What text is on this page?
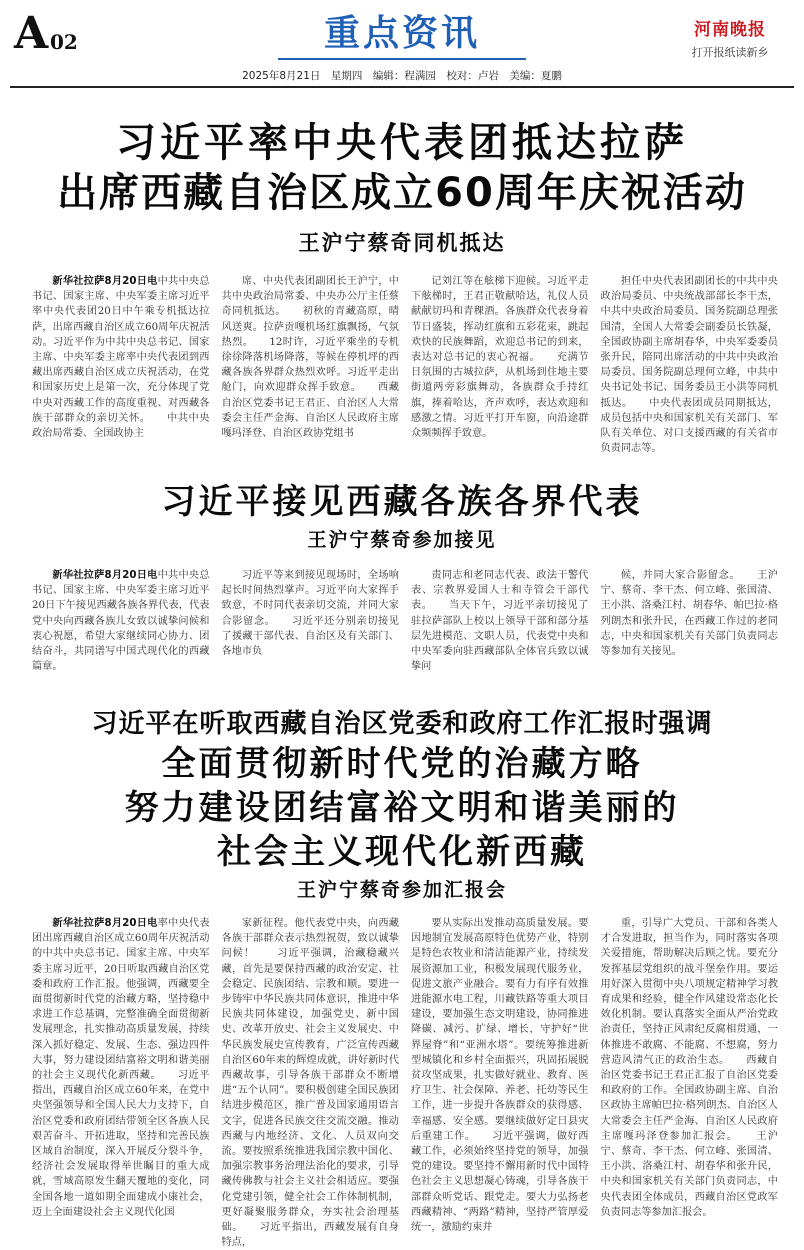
A 02	重点资讯	河南晚报
打开报纸读新乡
2025年8月21日　星期四　编辑：程满园　校对：卢岩　美编：夏鹏
习近平率中央代表团抵达拉萨
出席西藏自治区成立60周年庆祝活动
王沪宁蔡奇同机抵达

新华社拉萨8月20日电中共中央总书记、国家主席、中央军委主席习近平率中央代表团20日中午乘专机抵达拉萨，出席西藏自治区成立60周年庆祝活动。习近平作为中共中央总书记、国家主席、中央军委主席率中央代表团到西藏出席西藏自治区成立庆祝活动，在党和国家历史上是第一次，充分体现了党中央对西藏工作的高度重视、对西藏各族干部群众的亲切关怀。　　中共中央政治局常委、全国政协主

席、中央代表团副团长王沪宁，中共中央政治局常委、中央办公厅主任蔡奇同机抵达。　　初秋的青藏高原，晴风送爽。拉萨贡嘎机场红旗飘扬，气氛热烈。　　12时许，习近平乘坐的专机徐徐降落机场降落，等候在停机坪的西藏各族各界群众热烈欢呼。习近平走出舱门，向欢迎群众挥手致意。　　西藏自治区党委书记王君正、自治区人大常委会主任严金海、自治区人民政府主席嘎玛泽登、自治区政协党组书

记刘江等在舷梯下迎候。习近平走下舷梯时，王君正敬献哈达，礼仪人员献献切玛和青稞酒。各族群众代表身着节日盛装，挥动红旗和五彩花束，跳起欢快的民族舞蹈，欢迎总书记的到来，表达对总书记的衷心祝福。　　充满节日氛围的古城拉萨，从机场到住地主要街道两旁彩旗舞动，各族群众手持红旗，捧着哈达，齐声欢呼，表达欢迎和感激之情。习近平打开车窗，向沿途群众频频挥手致意。

担任中央代表团副团长的中共中央政治局委员、中央统战部部长李干杰，中共中央政治局委员、国务院副总理张国清，全国人大常委会副委员长铁凝，全国政协副主席胡春华，中央军委委员张升民，陪同出席活动的中共中央政治局委员、国务院副总理何立峰，中共中央书记处书记、国务委员王小洪等同机抵达。　　中央代表团成员同期抵达，成员包括中央和国家机关有关部门、军队有关单位、对口支援西藏的有关省市负责同志等。

习近平接见西藏各族各界代表
王沪宁蔡奇参加接见

新华社拉萨8月20日电中共中央总书记、国家主席、中央军委主席习近平20日下午接见西藏各族各界代表，代表党中央向西藏各族儿女致以诚挚问候和衷心祝愿，希望大家继续同心协力、团结奋斗，共同谱写中国式现代化的西藏篇章。

习近平等来到接见现场时，全场响起长时间热烈掌声。习近平向大家挥手致意，不时同代表亲切交流，并同大家合影留念。　　习近平还分别亲切接见了援藏干部代表、自治区及有关部门、各地市负

责同志和老同志代表、政法干警代表、宗教界爱国人士和寺管会干部代表。　　当天下午，习近平亲切接见了驻拉萨部队上校以上领导干部和部分基层先进模范、文职人员，代表党中央和中央军委向驻西藏部队全体官兵致以诚挚问

候，并同大家合影留念。　　王沪宁、蔡奇、李干杰、何立峰、张国清、王小洪、洛桑江村、胡春华、帕巴拉·格列朗杰和张升民，在西藏工作过的老同志，中央和国家机关有关部门负责同志等参加有关接见。

习近平在听取西藏自治区党委和政府工作汇报时强调
全面贯彻新时代党的治藏方略
努力建设团结富裕文明和谐美丽的
社会主义现代化新西藏
王沪宁蔡奇参加汇报会

新华社拉萨8月20日电率中央代表团出席西藏自治区成立60周年庆祝活动的中共中央总书记、国家主席、中央军委主席习近平，20日听取西藏自治区党委和政府工作汇报。他强调，西藏要全面贯彻新时代党的治藏方略，坚持稳中求进工作总基调，完整准确全面贯彻新发展理念，扎实推动高质量发展，持续深入抓好稳定、发展、生态、强边四件大事，努力建设团结富裕文明和谐美丽的社会主义现代化新西藏。　　习近平指出，西藏自治区成立60年来，在党中央坚强领导和全国人民大力支持下，自治区党委和政府团结带领全区各族人民艰苦奋斗、开拓进取，坚持和完善民族区域自治制度，深入开展反分裂斗争，经济社会发展取得举世瞩目的重大成就，雪域高原发生翻天覆地的变化，同全国各地一道如期全面建成小康社会，迈上全面建设社会主义现代化国

家新征程。他代表党中央，向西藏各族干部群众表示热烈祝贺，致以诚挚问候！　　习近平强调，治藏稳藏兴藏，首先是要保持西藏的政治安定、社会稳定、民族团结、宗教和顺。要进一步铸牢中华民族共同体意识，推进中华民族共同体建设，加强党史、新中国史、改革开放史、社会主义发展史、中华民族发展史宣传教育，广泛宣传西藏自治区60年来的辉煌成就，讲好新时代西藏故事，引导各族干部群众不断增进“五个认同”。要积极创建全国民族团结进步模范区，推广普及国家通用语言文字，促进各民族交往交流交融。推动西藏与内地经济、文化、人员双向交流。要按照系统推进我国宗教中国化、加强宗教事务治理法治化的要求，引导藏传佛教与社会主义社会相适应。要强化党建引领，健全社会工作体制机制，更好凝聚服务群众，夯实社会治理基础。　　习近平指出，西藏发展有自身特点，

要从实际出发推动高质量发展。要因地制宜发展高原特色优势产业，特别是特色农牧业和清洁能源产业，持续发展资源加工业，积极发展现代服务业，促进文旅产业融合。要有力有序有效推进能源水电工程，川藏铁路等重大项目建设，要加强生态文明建设，协同推进降碳、减污、扩绿、增长，守护好“世界屋脊”和“亚洲水塔”。要统筹推进新型城镇化和乡村全面振兴，巩固拓展脱贫攻坚成果，扎实做好就业、教育、医疗卫生、社会保障、养老、托幼等民生工作，进一步提升各族群众的获得感、幸福感、安全感。要继续做好定日县灾后重建工作。　　习近平强调，做好西藏工作，必须始终坚持党的领导，加强党的建设。要坚持不懈用新时代中国特色社会主义思想凝心铸魂，引导各族干部群众听党话、跟党走。要大力弘扬老西藏精神、“两路”精神，坚持严管厚爱统一，激励约束并

重，引导广大党员、干部和各类人才合发进取，担当作为，同时落实各项关爱措施，帮助解决后顾之忧。要充分发挥基层党组织的战斗堡垒作用。要运用好深入贯彻中央八项规定精神学习教育成果和经验，健全作风建设常态化长效化机制。要认真落实全面从严治党政治责任，坚持正风肃纪反腐相贯通，一体推进不敢腐、不能腐、不想腐，努力营造风清气正的政治生态。　　西藏自治区党委书记王君正汇报了自治区党委和政府的工作。全国政协副主席、自治区政协主席帕巴拉·格列朗杰、自治区人大常委会主任严金海、自治区人民政府主席嘎玛泽登参加汇报会。　　王沪宁、蔡奇、李干杰、何立峰、张国清、王小洪、洛桑江村、胡春华和张升民，中央和国家机关有关部门负责同志，中央代表团全体成员，西藏自治区党政军负责同志等参加汇报会。
